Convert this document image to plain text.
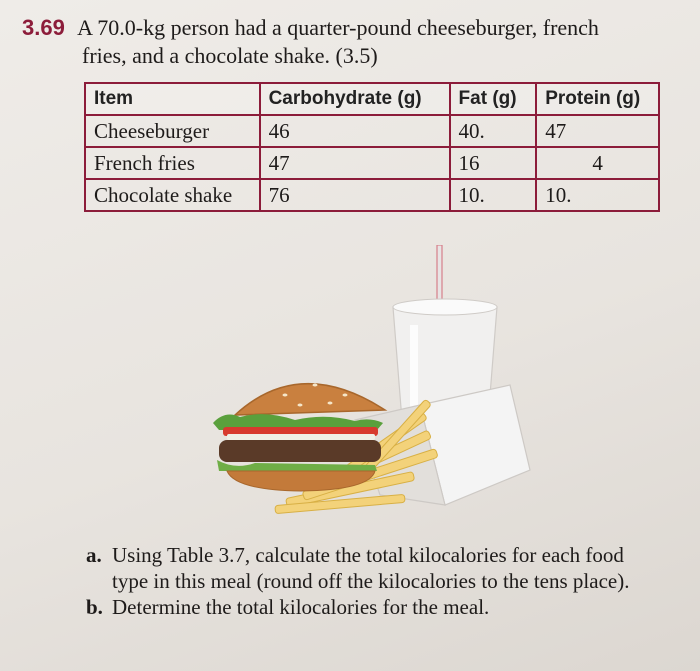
3.69 A 70.0-kg person had a quarter-pound cheeseburger, french
fries, and a chocolate shake. (3.5)
Item	Carbohydrate (g)	Fat (g)	Protein (g)
Cheeseburger	46	40.	47
French fries	47	16	4
Chocolate shake	76	10.	10.
a. Using Table 3.7, calculate the total kilocalories for each food
type in this meal (round off the kilocalories to the tens place).
b. Determine the total kilocalories for the meal.
